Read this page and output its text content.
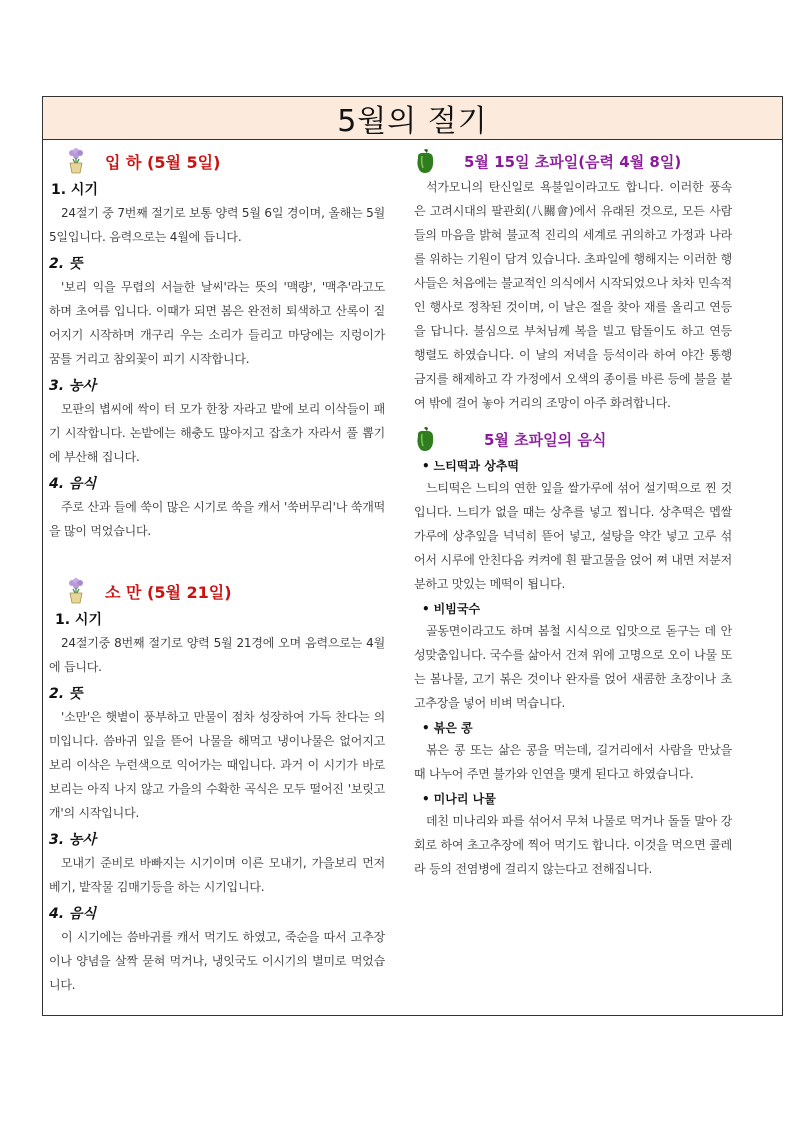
5월의 절기
입 하 (5월 5일)
1. 시기

24절기 중 7번째 절기로 보통 양력 5월 6일 경이며, 올해는 5월 5일입니다. 음력으로는 4월에 듭니다.

2. 뜻

'보리 익을 무렵의 서늘한 날씨'라는 뜻의 '맥량', '맥추'라고도 하며 초여름 입니다. 이때가 되면 봄은 완전히 퇴색하고 산록이 짙어지기 시작하며 개구리 우는 소리가 들리고 마당에는 지렁이가 꿈틀 거리고 참외꽃이 피기 시작합니다.

3. 농사

모판의 볍씨에 싹이 터 모가 한창 자라고 밭에 보리 이삭들이 패기 시작합니다. 논밭에는 해충도 많아지고 잡초가 자라서 풀 뽑기에 부산해 집니다.

4. 음식

주로 산과 들에 쑥이 많은 시기로 쑥을 캐서 '쑥버무리'나 쑥개떡을 많이 먹었습니다.

소 만 (5월 21일)
1. 시기

24절기중 8번째 절기로 양력 5월 21경에 오며 음력으로는 4월에 듭니다.

2. 뜻

'소만'은 햇볕이 풍부하고 만물이 점차 성장하여 가득 찬다는 의미입니다. 씀바귀 잎을 뜯어 나물을 해먹고 냉이나물은 없어지고 보리 이삭은 누런색으로 익어가는 때입니다. 과거 이 시기가 바로 보리는 아직 나지 않고 가을의 수확한 곡식은 모두 떨어진 '보릿고개'의 시작입니다.

3. 농사

모내기 준비로 바빠지는 시기이며 이른 모내기, 가을보리 먼저 베기, 밭작물 김매기등을 하는 시기입니다.

4. 음식

이 시기에는 씀바귀를 캐서 먹기도 하였고, 죽순을 따서 고추장이나 양념을 살짝 묻혀 먹거나, 냉잇국도 이시기의 별미로 먹었습니다.

5월 15일 초파일(음력 4월 8일)

석가모니의 탄신일로 욕불일이라고도 합니다. 이러한 풍속은 고려시대의 팔관회(八關會)에서 유래된 것으로, 모든 사람들의 마음을 밝혀 불교적 진리의 세계로 귀의하고 가정과 나라를 위하는 기원이 담겨 있습니다. 초파일에 행해지는 이러한 행사들은 처음에는 불교적인 의식에서 시작되었으나 차차 민속적인 행사로 정착된 것이며, 이 날은 절을 찾아 재를 올리고 연등을 답니다. 불심으로 부처님께 복을 빌고 탑돌이도 하고 연등 행렬도 하였습니다. 이 날의 저녁을 등석이라 하여 야간 통행 금지를 해제하고 각 가정에서 오색의 종이를 바른 등에 불을 붙여 밖에 걸어 놓아 거리의 조망이 아주 화려합니다.

5월 초파일의 음식
• 느티떡과 상추떡

느티떡은 느티의 연한 잎을 쌀가루에 섞어 설기떡으로 찐 것입니다. 느티가 없을 때는 상추를 넣고 찝니다. 상추떡은 멥쌀가루에 상추잎을 넉넉히 뜯어 넣고, 설탕을 약간 넣고 고루 섞어서 시루에 안친다음 켜켜에 흰 팥고물을 얹어 쪄 내면 저분저분하고 맛있는 메떡이 됩니다.

• 비빔국수

골동면이라고도 하며 봄철 시식으로 입맛으로 돋구는 데 안성맞춤입니다. 국수를 삶아서 건져 위에 고명으로 오이 나물 또는 봄나물, 고기 볶은 것이나 완자를 얹어 새콤한 초장이나 초고추장을 넣어 비벼 먹습니다.

• 볶은 콩

볶은 콩 또는 삶은 콩을 먹는데, 길거리에서 사람을 만났을 때 나누어 주면 불가와 인연을 맺게 된다고 하였습니다.

• 미나리 나물

데친 미나리와 파를 섞어서 무쳐 나물로 먹거나 돌돌 말아 강회로 하여 초고추장에 찍어 먹기도 합니다. 이것을 먹으면 콜레라 등의 전염병에 걸리지 않는다고 전해집니다.
